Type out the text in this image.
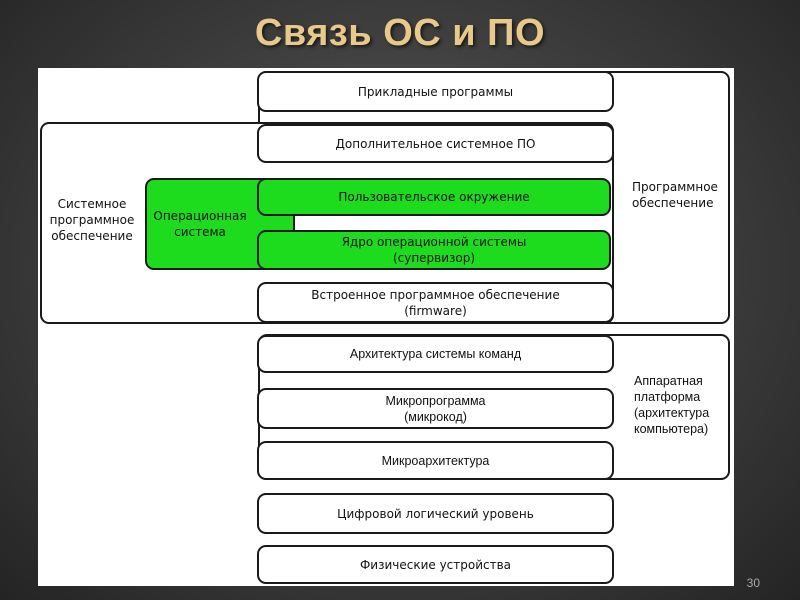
Связь ОС и ПО
Системное
программное
обеспечение
Операционная
система
Программное
обеспечение
Аппаратная
платформа
(архитектура
компьютера)
Прикладные программы
Дополнительное системное ПО
Пользовательское окружение
Ядро операционной системы
(супервизор)
Встроенное программное обеспечение
(firmware)
Архитектура системы команд
Микропрограмма
(микрокод)
Микроархитектура
Цифровой логический уровень
Физические устройства
30
